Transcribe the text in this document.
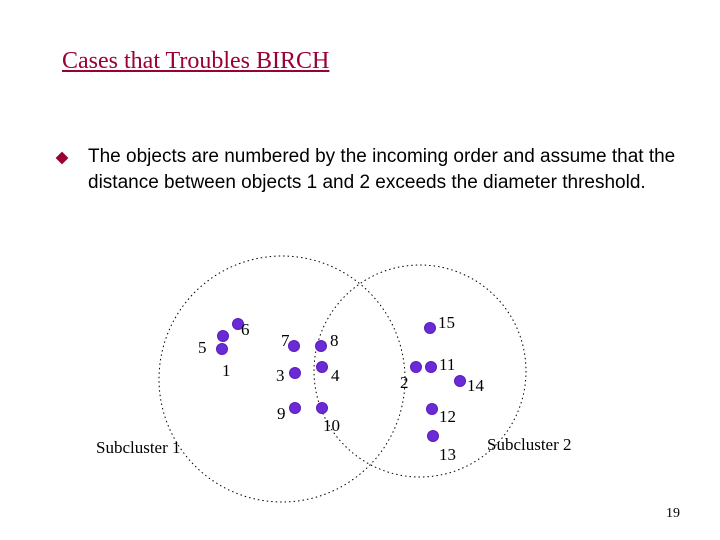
Cases that Troubles BIRCH
The objects are numbered by the incoming order and assume that the distance between objects 1 and 2 exceeds the diameter threshold.
1
2
3	4
5
6
7 8
9
10
11
12
13
14
15
Subcluster 1	Subcluster 2
19
